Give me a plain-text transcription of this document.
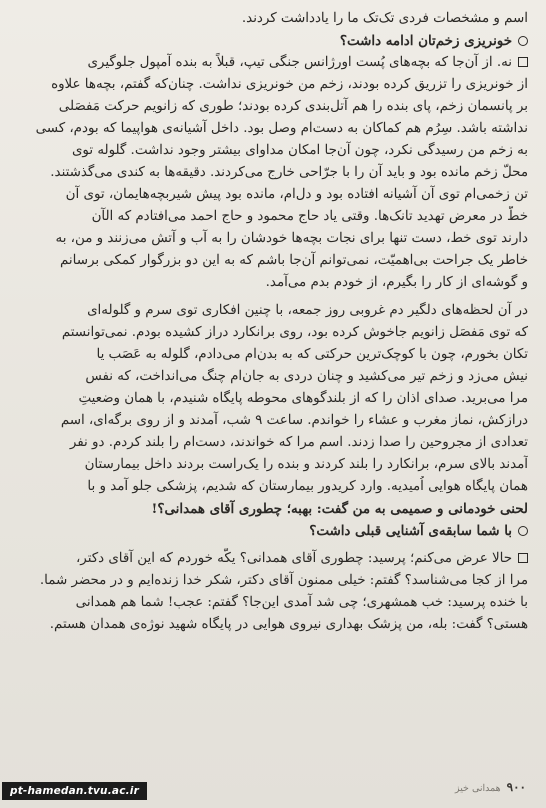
اسم و مشخصات فردی تک‌تک ما را یادداشت کردند.
خونریزی زخم‌تان ادامه داشت؟
نه. از آن‌جا که بچه‌های پُست اورژانس جنگی تیپ، قبلاً به بنده آمپول جلوگیری
از خونریزی را تزریق کرده بودند، زخم من خونریزی نداشت. چنان‌که گفتم، بچه‌ها علاوه
بر پانسمان زخم، پای بنده را هم آتل‌بندی کرده بودند؛ طوری که زانویم حرکت مَفصَلی
نداشته باشد. سِرُم هم کماکان به دست‌ام وصل بود. داخل آشیانه‌ی هواپیما که بودم، کسی
به زخم من رسیدگی نکرد، چون آن‌جا امکان مداوای بیشتر وجود نداشت. گلوله توی
محلّ زخم مانده بود و باید آن را با جرّاحی خارج می‌کردند. دقیقه‌ها به کندی می‌گذشتند.
تن زخمی‌ام توی آن آشیانه افتاده بود و دل‌ام، مانده بود پیش شیربچه‌هایمان، توی آن
خطّ در معرض تهدید تانک‌ها. وقتی یاد حاج محمود و حاج احمد می‌افتادم که الآن
دارند توی خط، دست تنها برای نجات بچه‌ها خودشان را به آب و آتش می‌زنند و من، به
خاطر یک جراحت بی‌اهمیّت، نمی‌توانم آن‌جا باشم که به این دو بزرگوار کمکی برسانم
و گوشه‌ای از کار را بگیرم، از خودم بدم می‌آمد.
در آن لحظه‌های دلگیر دم غروبی روز جمعه، با چنین افکاری توی سرم و گلوله‌ای
که توی مَفصَل زانویم جاخوش کرده بود، روی برانکارد دراز کشیده بودم. نمی‌توانستم
تکان بخورم، چون با کوچک‌ترین حرکتی که به بدن‌ام می‌دادم، گلوله به عَصَب یا
نیش می‌زد و زخم تیر می‌کشید و چنان دردی به جان‌ام چنگ می‌انداخت، که نفس
مرا می‌برید. صدای اذان را که از بلندگوهای محوطه پایگاه شنیدم، با همان وضعیتِ
درازکش، نماز مغرب و عشاء را خواندم. ساعت ۹ شب، آمدند و از روی برگه‌ای، اسم
تعدادی از مجروحین را صدا زدند. اسم مرا که خواندند، دست‌ام را بلند کردم. دو نفر
آمدند بالای سرم، برانکارد را بلند کردند و بنده را یک‌راست بردند داخل بیمارستان
همان پایگاه هوایی اُمیدیه. وارد کریدور بیمارستان که شدیم، پزشکی جلو آمد و با
لحنی خودمانی و صمیمی به من گفت: بهبه؛ چطوری آقای همدانی؟!
با شما سابقه‌ی آشنایی قبلی داشت؟
حالا عرض می‌کنم؛ پرسید: چطوری آقای همدانی؟ یکّه خوردم که این آقای دکتر،
مرا از کجا می‌شناسد؟ گفتم: خیلی ممنون آقای دکتر، شکر خدا زنده‌ایم و در محضر شما.
با خنده پرسید: خب همشهری؛ چی شد آمدی این‌جا؟ گفتم: عجب! شما هم همدانی
هستی؟ گفت: بله، من پزشک بهداری نیروی هوایی در پایگاه شهید نوژه‌ی همدان هستم.
pt-hamedan.tvu.ac.ir	۹۰۰همدانی خیز
